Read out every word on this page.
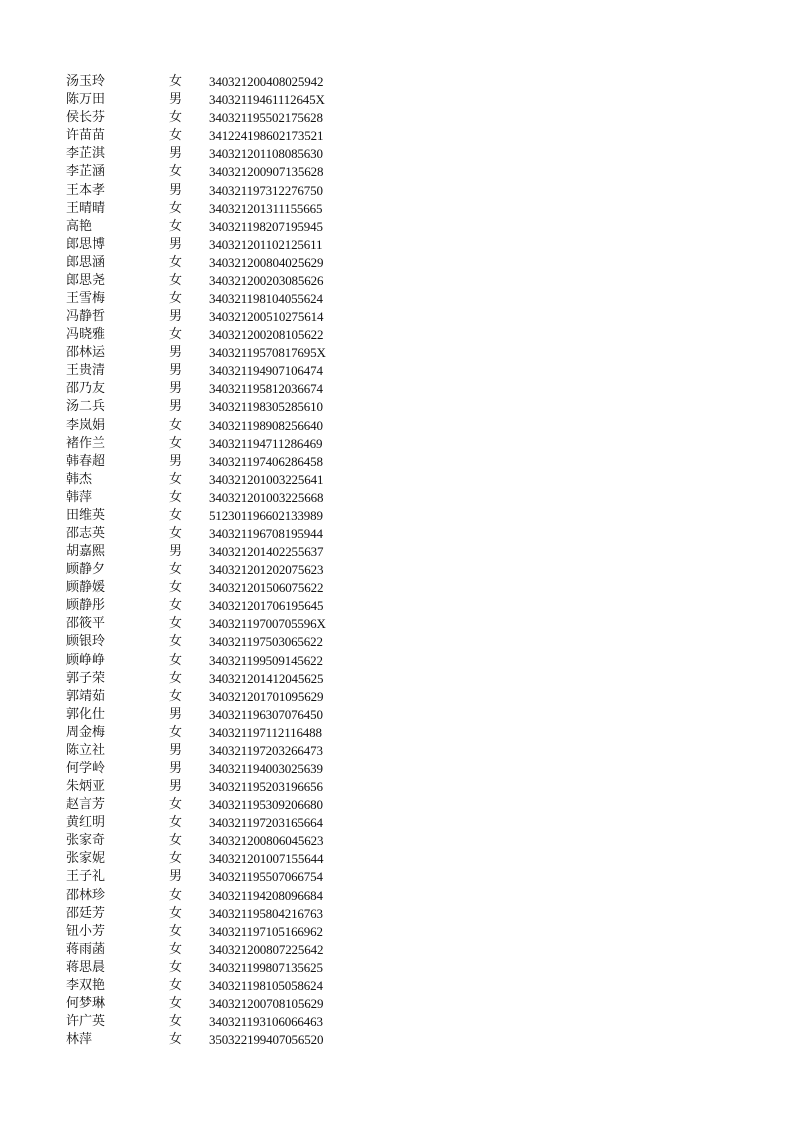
汤玉玲	女	340321200408025942
陈万田	男	34032119461112645X
侯长芬	女	340321195502175628
许苗苗	女	341224198602173521
李芷淇	男	340321201108085630
李芷涵	女	340321200907135628
王本孝	男	340321197312276750
王晴晴	女	340321201311155665
高艳	女	340321198207195945
郎思博	男	340321201102125611
郎思涵	女	340321200804025629
郎思尧	女	340321200203085626
王雪梅	女	340321198104055624
冯静哲	男	340321200510275614
冯晓雅	女	340321200208105622
邵林运	男	34032119570817695X
王贵清	男	340321194907106474
邵乃友	男	340321195812036674
汤二兵	男	340321198305285610
李岚娟	女	340321198908256640
褚作兰	女	340321194711286469
韩春超	男	340321197406286458
韩杰	女	340321201003225641
韩萍	女	340321201003225668
田维英	女	512301196602133989
邵志英	女	340321196708195944
胡嘉熙	男	340321201402255637
顾静夕	女	340321201202075623
顾静媛	女	340321201506075622
顾静彤	女	340321201706195645
邵筱平	女	34032119700705596X
顾银玲	女	340321197503065622
顾峥峥	女	340321199509145622
郭子荣	女	340321201412045625
郭靖茹	女	340321201701095629
郭化仕	男	340321196307076450
周金梅	女	340321197112116488
陈立社	男	340321197203266473
何学岭	男	340321194003025639
朱炳亚	男	340321195203196656
赵言芳	女	340321195309206680
黄红明	女	340321197203165664
张家奇	女	340321200806045623
张家妮	女	340321201007155644
王子礼	男	340321195507066754
邵林珍	女	340321194208096684
邵廷芳	女	340321195804216763
钮小芳	女	340321197105166962
蒋雨菡	女	340321200807225642
蒋思晨	女	340321199807135625
李双艳	女	340321198105058624
何梦琳	女	340321200708105629
许广英	女	340321193106066463
林萍	女	350322199407056520
